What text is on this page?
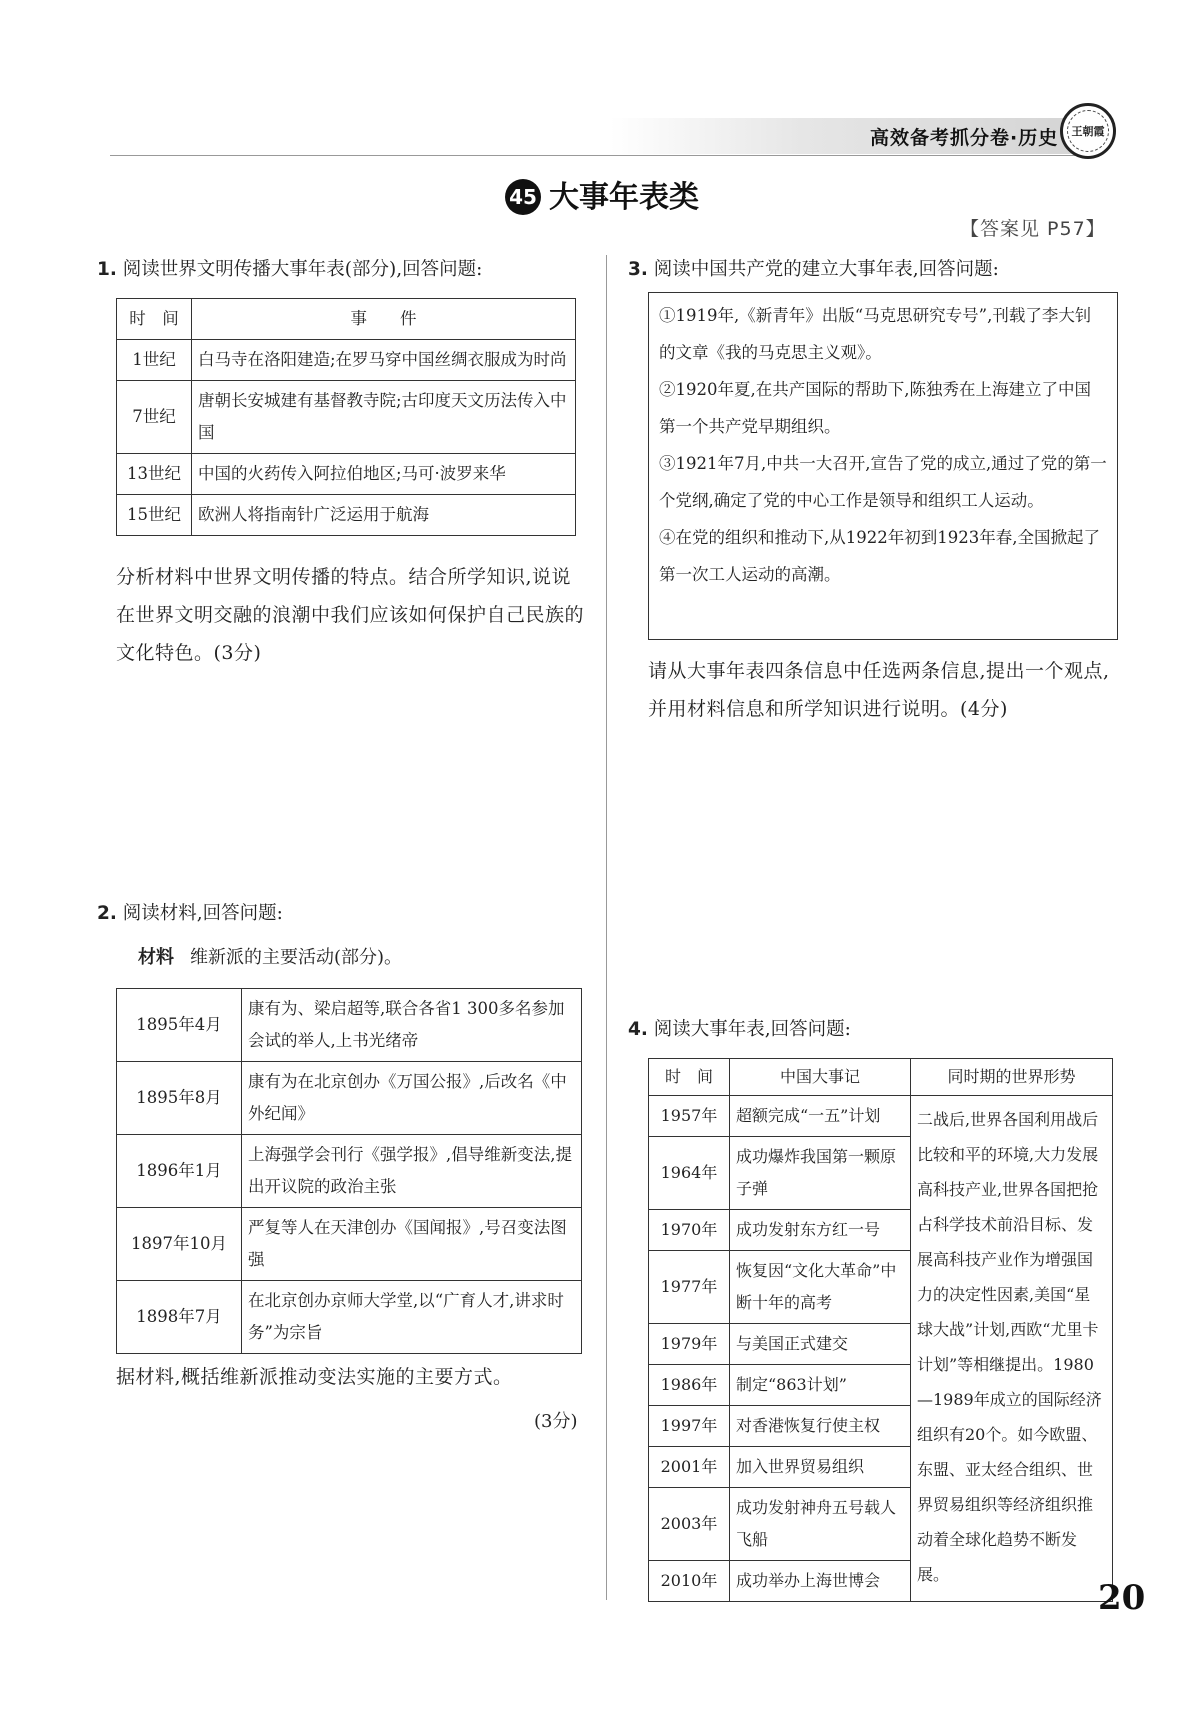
高效备考抓分卷·历史	王朝霞
45 大事年表类
【答案见 P57】
1. 阅读世界文明传播大事年表(部分),回答问题:
时　间	事　　件
1世纪	白马寺在洛阳建造;在罗马穿中国丝绸衣服成为时尚
7世纪	唐朝长安城建有基督教寺院;古印度天文历法传入中国
13世纪	中国的火药传入阿拉伯地区;马可·波罗来华
15世纪	欧洲人将指南针广泛运用于航海
分析材料中世界文明传播的特点。结合所学知识,说说在世界文明交融的浪潮中我们应该如何保护自己民族的文化特色。(3分)
2. 阅读材料,回答问题:
材料 维新派的主要活动(部分)。
1895年4月	康有为、梁启超等,联合各省1 300多名参加会试的举人,上书光绪帝
1895年8月	康有为在北京创办《万国公报》,后改名《中外纪闻》
1896年1月	上海强学会刊行《强学报》,倡导维新变法,提出开议院的政治主张
1897年10月	严复等人在天津创办《国闻报》,号召变法图强
1898年7月	在北京创办京师大学堂,以“广育人才,讲求时务”为宗旨
据材料,概括维新派推动变法实施的主要方式。
(3分)
3. 阅读中国共产党的建立大事年表,回答问题:
①1919年,《新青年》出版“马克思研究专号”,刊载了李大钊的文章《我的马克思主义观》。
②1920年夏,在共产国际的帮助下,陈独秀在上海建立了中国第一个共产党早期组织。
③1921年7月,中共一大召开,宣告了党的成立,通过了党的第一个党纲,确定了党的中心工作是领导和组织工人运动。
④在党的组织和推动下,从1922年初到1923年春,全国掀起了第一次工人运动的高潮。
请从大事年表四条信息中任选两条信息,提出一个观点,并用材料信息和所学知识进行说明。(4分)
4. 阅读大事年表,回答问题:
时　间	中国大事记	同时期的世界形势
1957年	超额完成“一五”计划	二战后,世界各国利用战后比较和平的环境,大力发展高科技产业,世界各国把抢占科学技术前沿目标、发展高科技产业作为增强国力的决定性因素,美国“星球大战”计划,西欧“尤里卡计划”等相继提出。1980—1989年成立的国际经济组织有20个。如今欧盟、东盟、亚太经合组织、世界贸易组织等经济组织推动着全球化趋势不断发展。
1964年	成功爆炸我国第一颗原子弹	
1970年	成功发射东方红一号	
1977年	恢复因“文化大革命”中断十年的高考	
1979年	与美国正式建交	
1986年	制定“863计划”	
1997年	对香港恢复行使主权	
2001年	加入世界贸易组织	
2003年	成功发射神舟五号载人飞船	
2010年	成功举办上海世博会		20
